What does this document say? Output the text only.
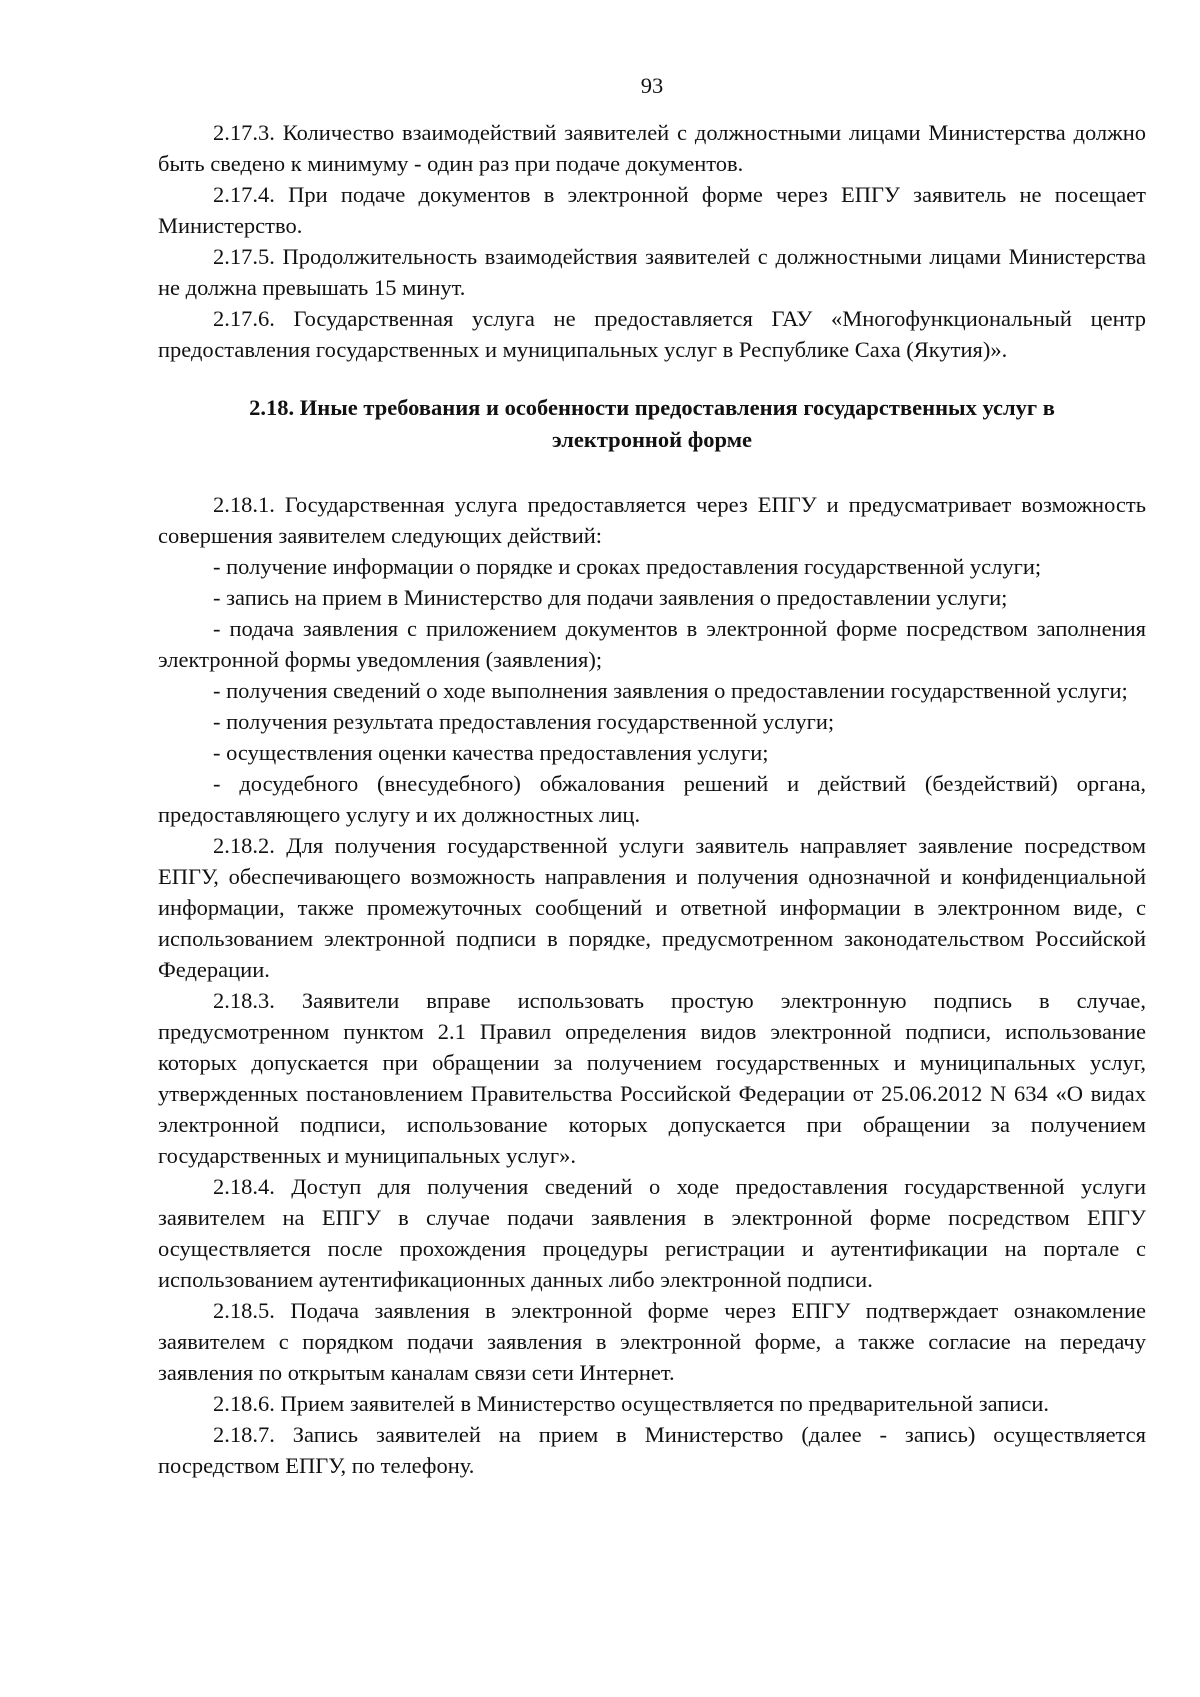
93

2.17.3. Количество взаимодействий заявителей с должностными лицами Министерства должно быть сведено к минимуму - один раз при подаче документов.

2.17.4. При подаче документов в электронной форме через ЕПГУ заявитель не посещает Министерство.

2.17.5. Продолжительность взаимодействия заявителей с должностными лицами Министерства не должна превышать 15 минут.

2.17.6. Государственная услуга не предоставляется ГАУ «Многофункциональный центр предоставления государственных и муниципальных услуг в Республике Саха (Якутия)».

2.18. Иные требования и особенности предоставления государственных услуг в электронной форме

2.18.1. Государственная услуга предоставляется через ЕПГУ и предусматривает возможность совершения заявителем следующих действий:

- получение информации о порядке и сроках предоставления государственной услуги;

- запись на прием в Министерство для подачи заявления о предоставлении услуги;

- подача заявления с приложением документов в электронной форме посредством заполнения электронной формы уведомления (заявления);

- получения сведений о ходе выполнения заявления о предоставлении государственной услуги;

- получения результата предоставления государственной услуги;

- осуществления оценки качества предоставления услуги;

- досудебного (внесудебного) обжалования решений и действий (бездействий) органа, предоставляющего услугу и их должностных лиц.

2.18.2. Для получения государственной услуги заявитель направляет заявление посредством ЕПГУ, обеспечивающего возможность направления и получения однозначной и конфиденциальной информации, также промежуточных сообщений и ответной информации в электронном виде, с использованием электронной подписи в порядке, предусмотренном законодательством Российской Федерации.

2.18.3. Заявители вправе использовать простую электронную подпись в случае, предусмотренном пунктом 2.1 Правил определения видов электронной подписи, использование которых допускается при обращении за получением государственных и муниципальных услуг, утвержденных постановлением Правительства Российской Федерации от 25.06.2012 N 634 «О видах электронной подписи, использование которых допускается при обращении за получением государственных и муниципальных услуг».

2.18.4. Доступ для получения сведений о ходе предоставления государственной услуги заявителем на ЕПГУ в случае подачи заявления в электронной форме посредством ЕПГУ осуществляется после прохождения процедуры регистрации и аутентификации на портале с использованием аутентификационных данных либо электронной подписи.

2.18.5. Подача заявления в электронной форме через ЕПГУ подтверждает ознакомление заявителем с порядком подачи заявления в электронной форме, а также согласие на передачу заявления по открытым каналам связи сети Интернет.

2.18.6. Прием заявителей в Министерство осуществляется по предварительной записи.

2.18.7. Запись заявителей на прием в Министерство (далее - запись) осуществляется посредством ЕПГУ, по телефону.
